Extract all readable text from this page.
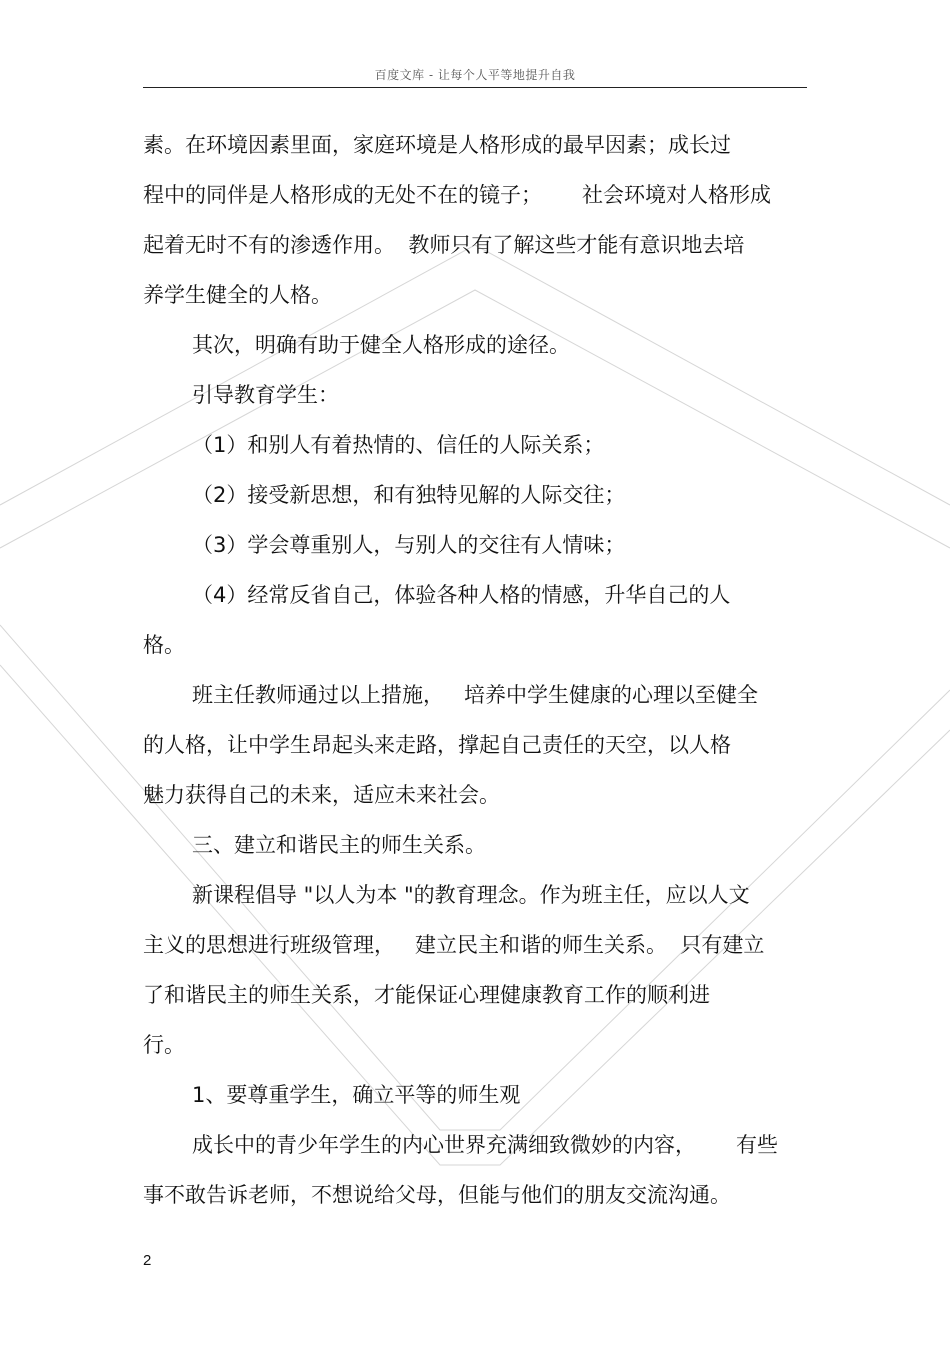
百度文库 - 让每个人平等地提升自我
素。在环境因素里面，家庭环境是人格形成的最早因素；成长过
程中的同伴是人格形成的无处不在的镜子；      社会环境对人格形成
起着无时不有的渗透作用。  教师只有了解这些才能有意识地去培
养学生健全的人格。
其次，明确有助于健全人格形成的途径。
引导教育学生：
（1）和别人有着热情的、信任的人际关系；
（2）接受新思想，和有独特见解的人际交往；
（3）学会尊重别人，与别人的交往有人情味；
（4）经常反省自己，体验各种人格的情感，升华自己的人
格。
班主任教师通过以上措施，   培养中学生健康的心理以至健全
的人格，让中学生昂起头来走路，撑起自己责任的天空，以人格
魅力获得自己的未来，适应未来社会。
三、建立和谐民主的师生关系。
新课程倡导 "以人为本 "的教育理念。作为班主任，应以人文
主义的思想进行班级管理，   建立民主和谐的师生关系。  只有建立
了和谐民主的师生关系，才能保证心理健康教育工作的顺利进
行。
1、要尊重学生，确立平等的师生观
成长中的青少年学生的内心世界充满细致微妙的内容，      有些
事不敢告诉老师，不想说给父母，但能与他们的朋友交流沟通。
2
